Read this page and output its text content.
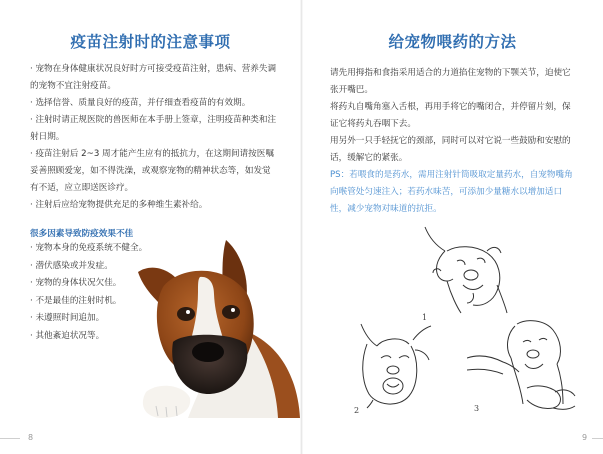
疫苗注射时的注意事项

· 宠物在身体健康状况良好时方可接受疫苗注射，患病、营养失调的宠物不宜注射疫苗。

· 选择信誉、质量良好的疫苗，并仔细查看疫苗的有效期。

· 注射时请正规医院的兽医师在本手册上签章，注明疫苗种类和注射日期。

· 疫苗注射后 2~3 周才能产生应有的抵抗力，在这期间请按医嘱妥善照顾爱宠，如不得洗澡，或观察宠物的精神状态等，如发觉有不适，应立即送医诊疗。

· 注射后应给宠物提供充足的多种维生素补给。

很多因素导致防疫效果不佳
· 宠物本身的免疫系统不健全。
· 潜伏感染或并发症。
· 宠物的身体状况欠佳。
· 不是最佳的注射时机。
· 未遵照时间追加。
· 其他紊迫状况等。
8
给宠物喂药的方法

请先用拇指和食指采用适合的力道掐住宠物的下颚关节，迫使它张开嘴巴。

将药丸自嘴角塞入舌根，再用手将它的嘴闭合，并停留片刻，保证它将药丸吞咽下去。

用另外一只手轻抚它的颈部，同时可以对它说一些鼓励和安慰的话，缓解它的紧张。

PS：若喂食的是药水，需用注射针筒吸取定量药水，自宠物嘴角向喉管处匀速注入；若药水味苦，可添加少量糖水以增加适口性，减少宠物对味道的抗拒。

1
2	3
9
